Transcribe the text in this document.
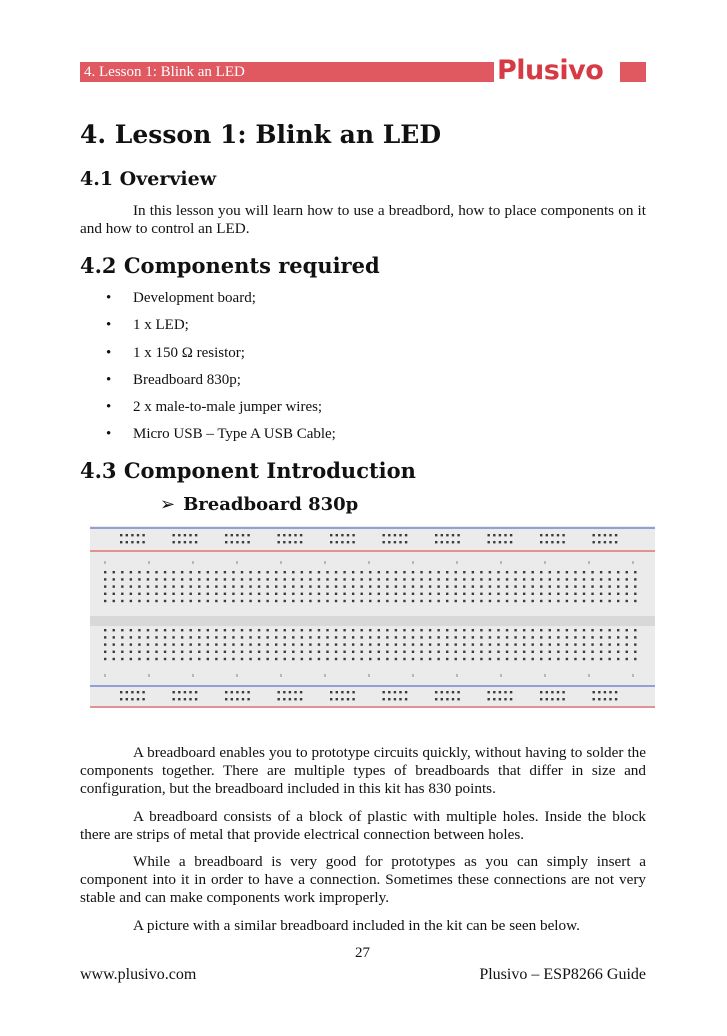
4. Lesson 1: Blink an LED	Plusivo
4. Lesson 1: Blink an LED
4.1 Overview

In this lesson you will learn how to use a breadbord, how to place components on it and how to control an LED.

4.2 Components required
• Development board;
• 1 x LED;
• 1 x 150 Ω resistor;
• Breadboard 830p;
• 2 x male-to-male jumper wires;
• Micro USB – Type A USB Cable;
4.3 Component Introduction
➢ Breadboard 830p

A breadboard enables you to prototype circuits quickly, without having to solder the components together. There are multiple types of breadboards that differ in size and configuration, but the breadboard included in this kit has 830 points.

A breadboard consists of a block of plastic with multiple holes. Inside the block there are strips of metal that provide electrical connection between holes.

While a breadboard is very good for prototypes as you can simply insert a component into it in order to have a connection. Sometimes these connections are not very stable and can make components work improperly.

A picture with a similar breadboard included in the kit can be seen below.

27
www.plusivo.com	Plusivo – ESP8266 Guide
